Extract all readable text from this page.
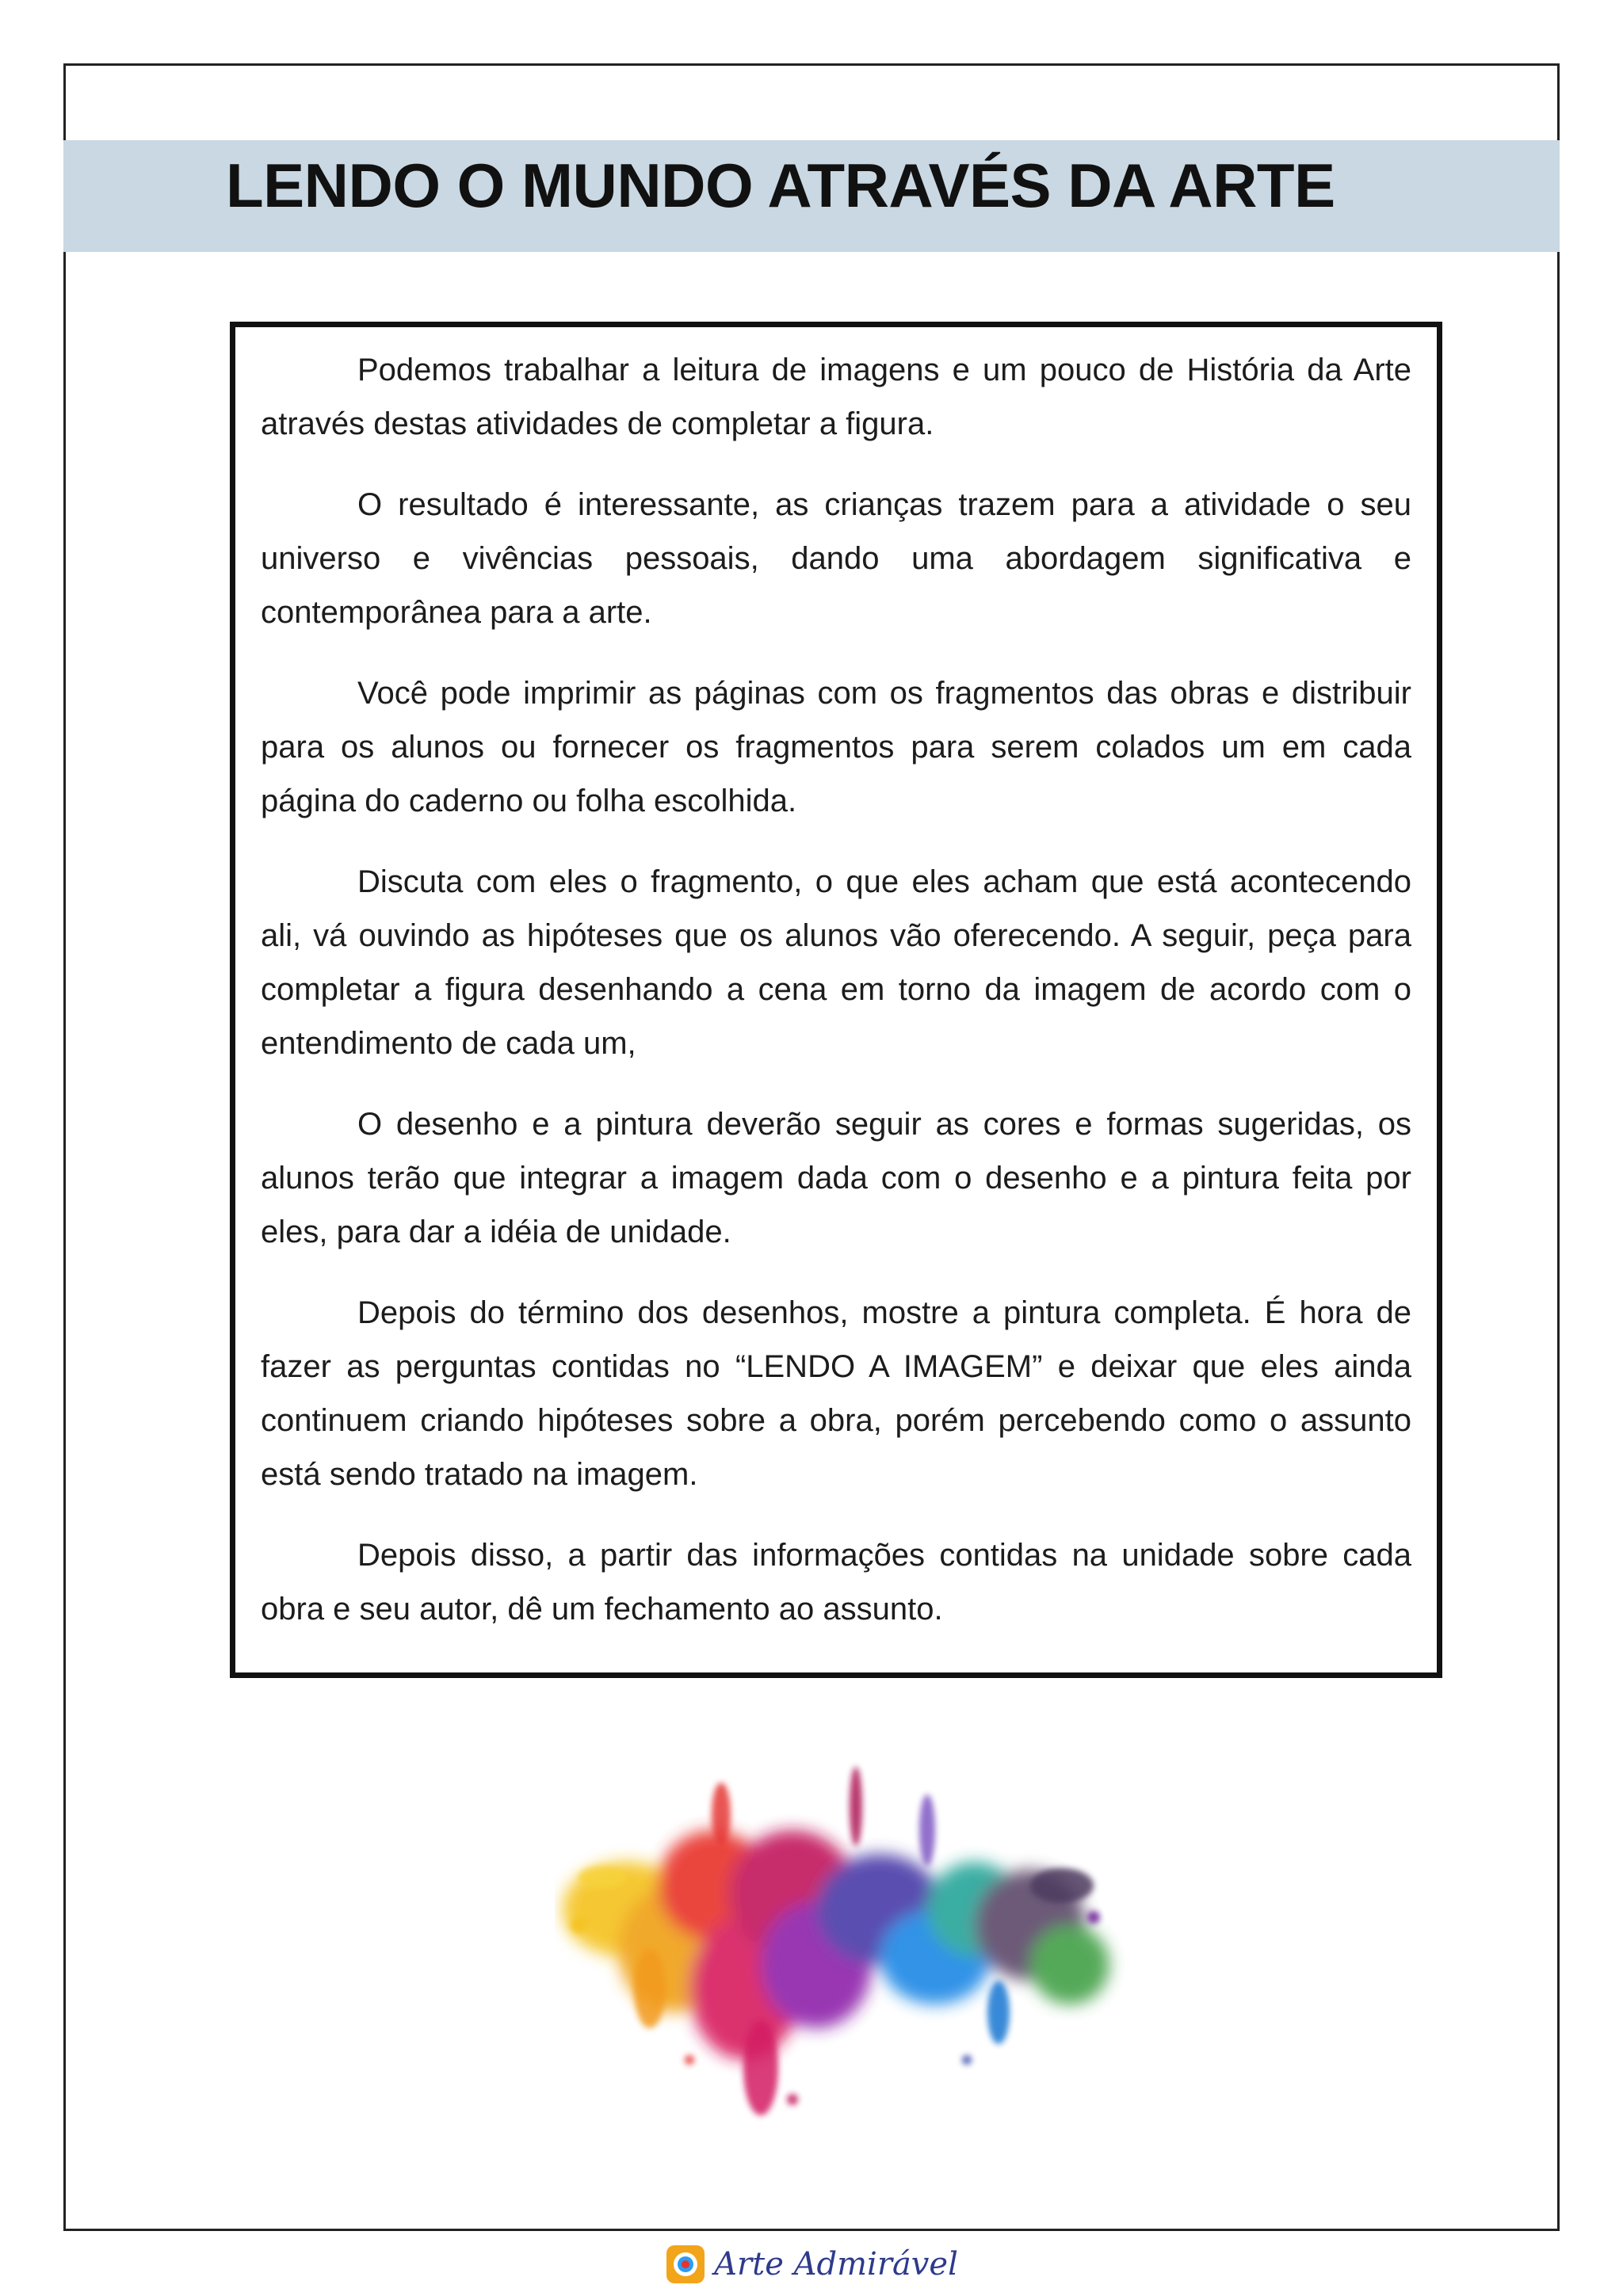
LENDO O MUNDO ATRAVÉS DA ARTE

Podemos trabalhar a leitura de imagens e um pouco de História da Arte através destas atividades de completar a figura.

O resultado é interessante, as crianças trazem para a atividade o seu universo e vivências pessoais, dando uma abordagem significativa e contemporânea para a arte.

Você pode imprimir as páginas com os fragmentos das obras e distribuir para os alunos ou fornecer os fragmentos para serem colados um em cada página do caderno ou folha escolhida.

Discuta com eles o fragmento, o que eles acham que está acontecendo ali, vá ouvindo as hipóteses que os alunos vão oferecendo. A seguir, peça para completar a figura desenhando a cena em torno da imagem de acordo com o entendimento de cada um,

O desenho e a pintura deverão seguir as cores e formas sugeridas, os alunos terão que integrar a imagem dada com o desenho e a pintura feita por eles, para dar a idéia de unidade.

Depois do término dos desenhos, mostre a pintura completa. É hora de fazer as perguntas contidas no “LENDO A IMAGEM” e deixar que eles ainda continuem criando hipóteses sobre a obra, porém percebendo como o assunto está sendo tratado na imagem.

Depois disso, a partir das informações contidas na unidade sobre cada obra e seu autor, dê um fechamento ao assunto.

Arte Admirável
